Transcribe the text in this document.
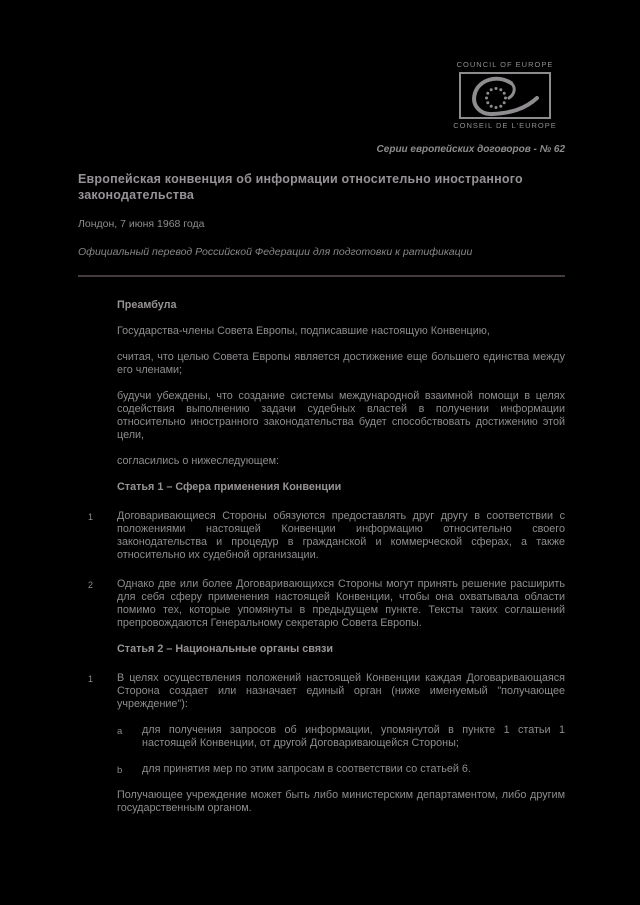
COUNCIL OF EUROPE
CONSEIL DE L'EUROPE
Серии европейских договоров - № 62
Европейская конвенция об информации относительно иностранного законодательства
Лондон, 7 июня 1968 года
Официальный перевод Российской Федерации для подготовки к ратификации
Преамбула
Государства-члены Совета Европы, подписавшие настоящую Конвенцию,
считая, что целью Совета Европы является достижение еще большего единства между его членами;
будучи убеждены, что создание системы международной взаимной помощи в целях содействия выполнению задачи судебных властей в получении информации относительно иностранного законодательства будет способствовать достижению этой цели,
согласились о нижеследующем:
Статья 1 – Сфера применения Конвенции
1 Договаривающиеся Стороны обязуются предоставлять друг другу в соответствии с положениями настоящей Конвенции информацию относительно своего законодательства и процедур в гражданской и коммерческой сферах, а также относительно их судебной организации.
2 Однако две или более Договаривающихся Стороны могут принять решение расширить для себя сферу применения настоящей Конвенции, чтобы она охватывала области помимо тех, которые упомянуты в предыдущем пункте. Тексты таких соглашений препровождаются Генеральному секретарю Совета Европы.
Статья 2 – Национальные органы связи
1 В целях осуществления положений настоящей Конвенции каждая Договаривающаяся Сторона создает или назначает единый орган (ниже именуемый "получающее учреждение"):
a для получения запросов об информации, упомянутой в пункте 1 статьи 1 настоящей Конвенции, от другой Договаривающейся Стороны;
b для принятия мер по этим запросам в соответствии со статьей 6.
Получающее учреждение может быть либо министерским департаментом, либо другим государственным органом.
